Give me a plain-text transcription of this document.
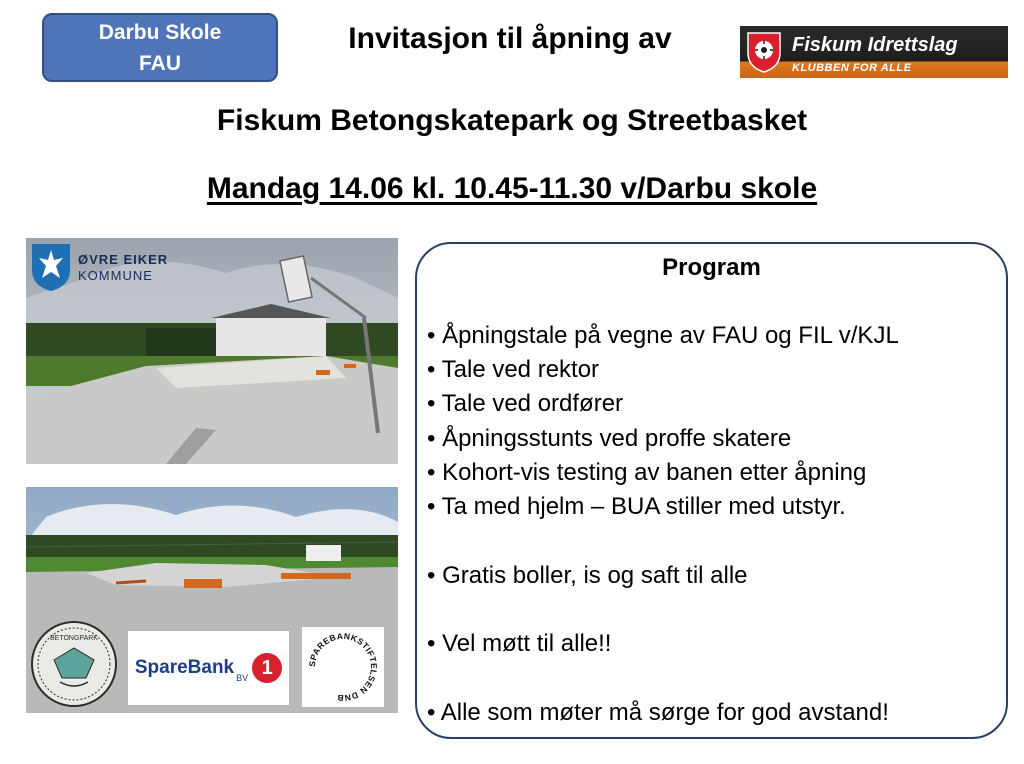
Darbu Skole
FAU
Invitasjon til åpning av
Fiskum Betongskatepark og Streetbasket
Mandag 14.06 kl. 10.45-11.30 v/Darbu skole
Fiskum Idrettslag
KLUBBEN FOR ALLE
ØVRE EIKER
KOMMUNE
BETONGPARK
SpareBank BV 1	SPAREBANKSTIFTELSEN DNB
Program
• Åpningstale på vegne av FAU og FIL v/KJL
• Tale ved rektor
• Tale ved ordfører
• Åpningsstunts ved proffe skatere
• Kohort-vis testing av banen etter åpning
• Ta med hjelm – BUA stiller med utstyr.
• Gratis boller, is og saft til alle
• Vel møtt til alle!!
• Alle som møter må sørge for god avstand!
